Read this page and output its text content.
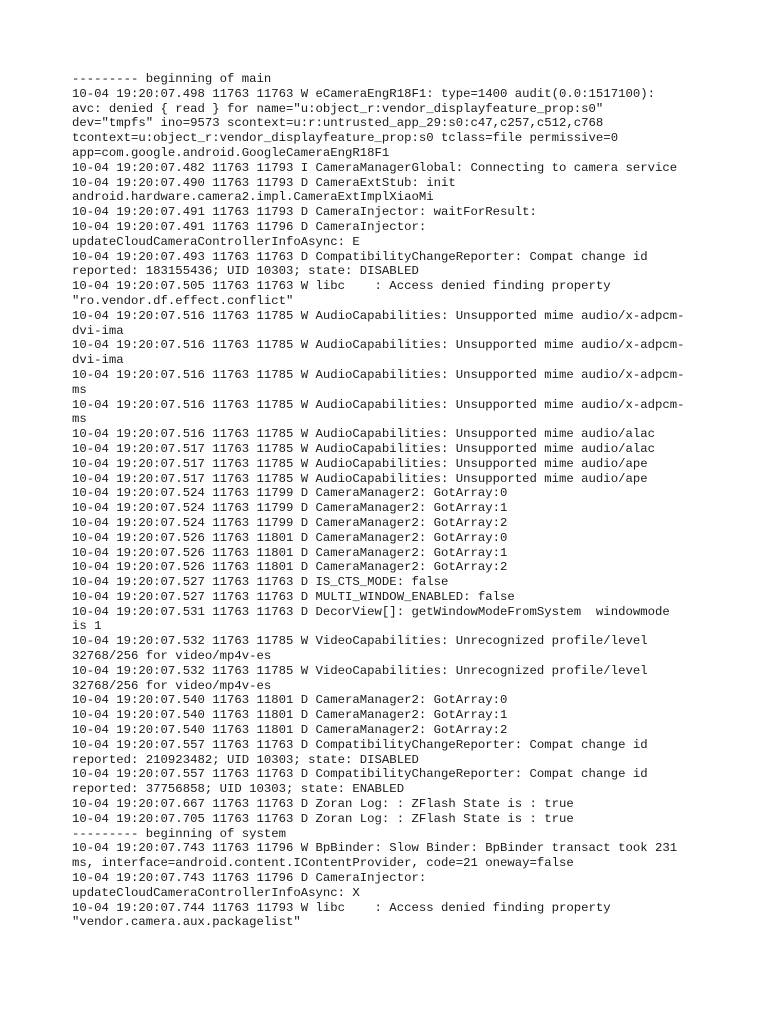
--------- beginning of main
10-04 19:20:07.498 11763 11763 W eCameraEngR18F1: type=1400 audit(0.0:1517100):
avc: denied { read } for name="u:object_r:vendor_displayfeature_prop:s0"
dev="tmpfs" ino=9573 scontext=u:r:untrusted_app_29:s0:c47,c257,c512,c768
tcontext=u:object_r:vendor_displayfeature_prop:s0 tclass=file permissive=0
app=com.google.android.GoogleCameraEngR18F1
10-04 19:20:07.482 11763 11793 I CameraManagerGlobal: Connecting to camera service
10-04 19:20:07.490 11763 11793 D CameraExtStub: init
android.hardware.camera2.impl.CameraExtImplXiaoMi
10-04 19:20:07.491 11763 11793 D CameraInjector: waitForResult:
10-04 19:20:07.491 11763 11796 D CameraInjector:
updateCloudCameraControllerInfoAsync: E
10-04 19:20:07.493 11763 11763 D CompatibilityChangeReporter: Compat change id
reported: 183155436; UID 10303; state: DISABLED
10-04 19:20:07.505 11763 11763 W libc    : Access denied finding property
"ro.vendor.df.effect.conflict"
10-04 19:20:07.516 11763 11785 W AudioCapabilities: Unsupported mime audio/x-adpcm-
dvi-ima
10-04 19:20:07.516 11763 11785 W AudioCapabilities: Unsupported mime audio/x-adpcm-
dvi-ima
10-04 19:20:07.516 11763 11785 W AudioCapabilities: Unsupported mime audio/x-adpcm-
ms
10-04 19:20:07.516 11763 11785 W AudioCapabilities: Unsupported mime audio/x-adpcm-
ms
10-04 19:20:07.516 11763 11785 W AudioCapabilities: Unsupported mime audio/alac
10-04 19:20:07.517 11763 11785 W AudioCapabilities: Unsupported mime audio/alac
10-04 19:20:07.517 11763 11785 W AudioCapabilities: Unsupported mime audio/ape
10-04 19:20:07.517 11763 11785 W AudioCapabilities: Unsupported mime audio/ape
10-04 19:20:07.524 11763 11799 D CameraManager2: GotArray:0
10-04 19:20:07.524 11763 11799 D CameraManager2: GotArray:1
10-04 19:20:07.524 11763 11799 D CameraManager2: GotArray:2
10-04 19:20:07.526 11763 11801 D CameraManager2: GotArray:0
10-04 19:20:07.526 11763 11801 D CameraManager2: GotArray:1
10-04 19:20:07.526 11763 11801 D CameraManager2: GotArray:2
10-04 19:20:07.527 11763 11763 D IS_CTS_MODE: false
10-04 19:20:07.527 11763 11763 D MULTI_WINDOW_ENABLED: false
10-04 19:20:07.531 11763 11763 D DecorView[]: getWindowModeFromSystem  windowmode
is 1
10-04 19:20:07.532 11763 11785 W VideoCapabilities: Unrecognized profile/level
32768/256 for video/mp4v-es
10-04 19:20:07.532 11763 11785 W VideoCapabilities: Unrecognized profile/level
32768/256 for video/mp4v-es
10-04 19:20:07.540 11763 11801 D CameraManager2: GotArray:0
10-04 19:20:07.540 11763 11801 D CameraManager2: GotArray:1
10-04 19:20:07.540 11763 11801 D CameraManager2: GotArray:2
10-04 19:20:07.557 11763 11763 D CompatibilityChangeReporter: Compat change id
reported: 210923482; UID 10303; state: DISABLED
10-04 19:20:07.557 11763 11763 D CompatibilityChangeReporter: Compat change id
reported: 37756858; UID 10303; state: ENABLED
10-04 19:20:07.667 11763 11763 D Zoran Log: : ZFlash State is : true
10-04 19:20:07.705 11763 11763 D Zoran Log: : ZFlash State is : true
--------- beginning of system
10-04 19:20:07.743 11763 11796 W BpBinder: Slow Binder: BpBinder transact took 231
ms, interface=android.content.IContentProvider, code=21 oneway=false
10-04 19:20:07.743 11763 11796 D CameraInjector:
updateCloudCameraControllerInfoAsync: X
10-04 19:20:07.744 11763 11793 W libc    : Access denied finding property
"vendor.camera.aux.packagelist"
